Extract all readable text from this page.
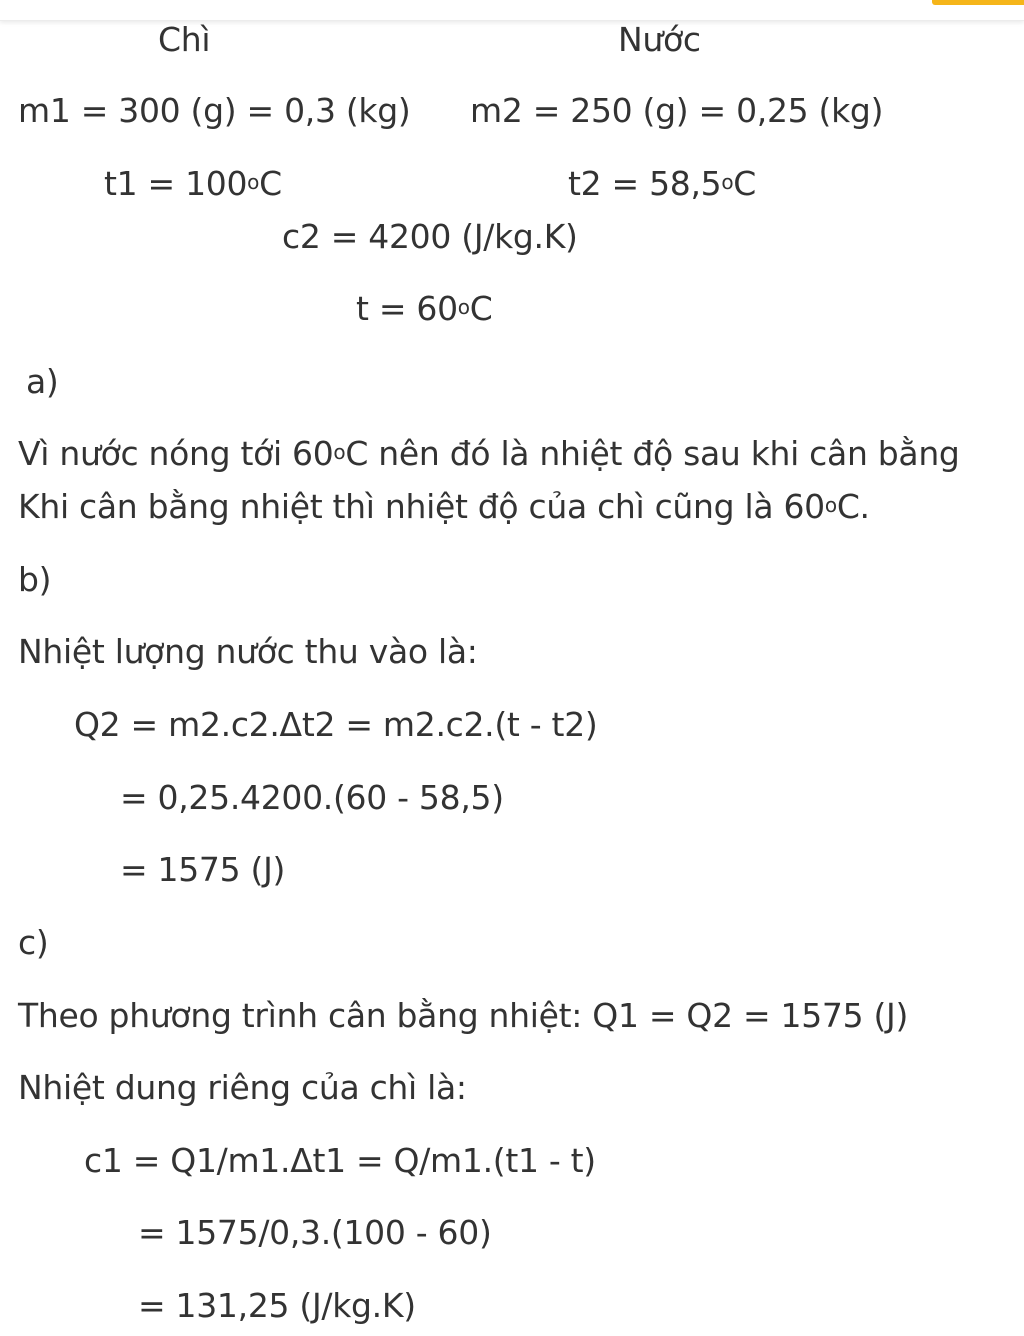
Chì	Nước
m1 = 300 (g) = 0,3 (kg) m2 = 250 (g) = 0,25 (kg)
$t1 = 100^oC$	$t2 = 58,5^oC$
c2 = 4200 (J/kg.K)
$t = 60^oC$
a)
Vì nước nóng tới 60$^o$C nên đó là nhiệt độ sau khi cân bằng
Khi cân bằng nhiệt thì nhiệt độ của chì cũng là 60$^o$C.
b)
Nhiệt lượng nước thu vào là:
Q2 = m2.c2.Δt2 = m2.c2.(t - t2)
= 0,25.4200.(60 - 58,5)
= 1575 (J)
c)
Theo phương trình cân bằng nhiệt: Q1 = Q2 = 1575 (J)
Nhiệt dung riêng của chì là:
c1 = Q1/m1.Δt1 = Q/m1.(t1 - t)
= 1575/0,3.(100 - 60)
= 131,25 (J/kg.K)
